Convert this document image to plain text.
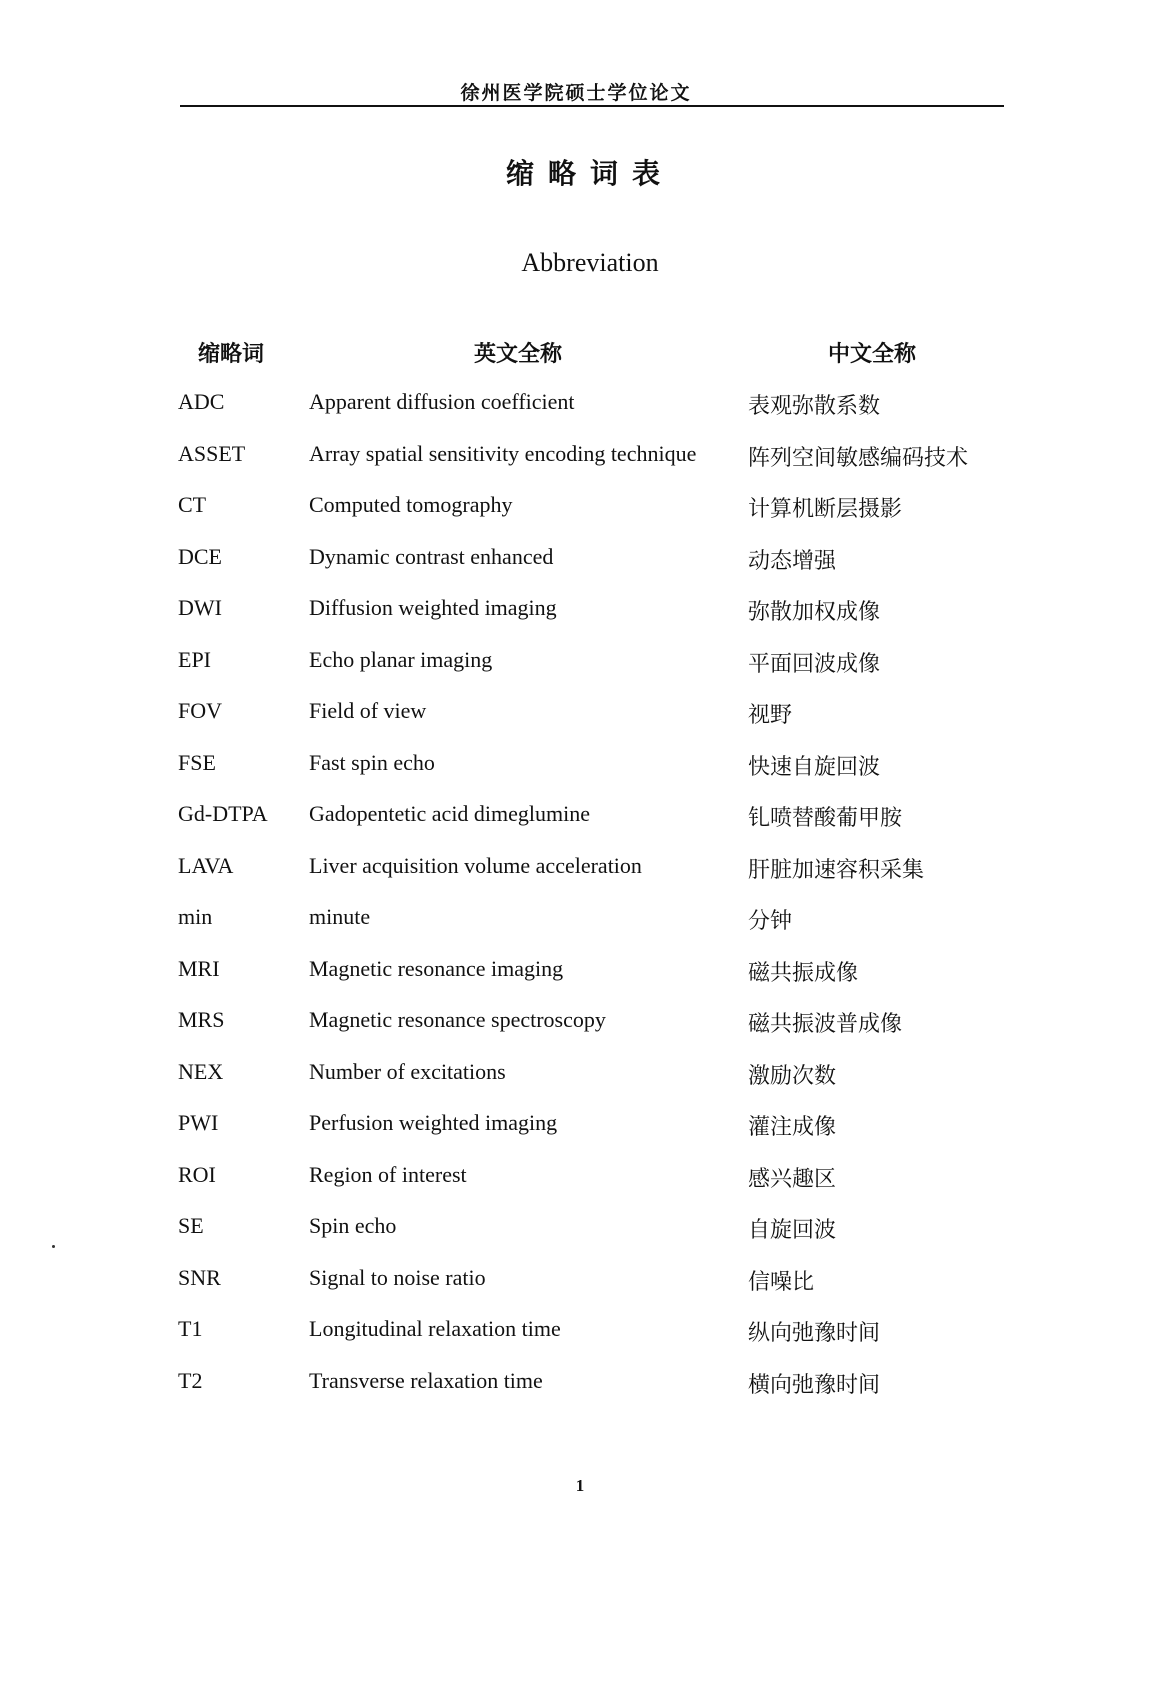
徐州医学院硕士学位论文
缩略词表
Abbreviation
缩略词	英文全称	中文全称
ADC	Apparent diffusion coefficient	表观弥散系数
ASSET	Array spatial sensitivity encoding technique 阵列空间敏感编码技术
CT	Computed tomography	计算机断层摄影
DCE	Dynamic contrast enhanced	动态增强
DWI	Diffusion weighted imaging	弥散加权成像
EPI	Echo planar imaging	平面回波成像
FOV	Field of view	视野
FSE	Fast spin echo	快速自旋回波
Gd-DTPA Gadopentetic acid dimeglumine	钆喷替酸葡甲胺
LAVA	Liver acquisition volume acceleration	肝脏加速容积采集
min	minute	分钟
MRI	Magnetic resonance imaging	磁共振成像
MRS	Magnetic resonance spectroscopy	磁共振波普成像
NEX	Number of excitations	激励次数
PWI	Perfusion weighted imaging	灌注成像
ROI	Region of interest	感兴趣区
SE	Spin echo	自旋回波
SNR	Signal to noise ratio	信噪比
T1	Longitudinal relaxation time	纵向弛豫时间
T2	Transverse relaxation time	横向弛豫时间
1
